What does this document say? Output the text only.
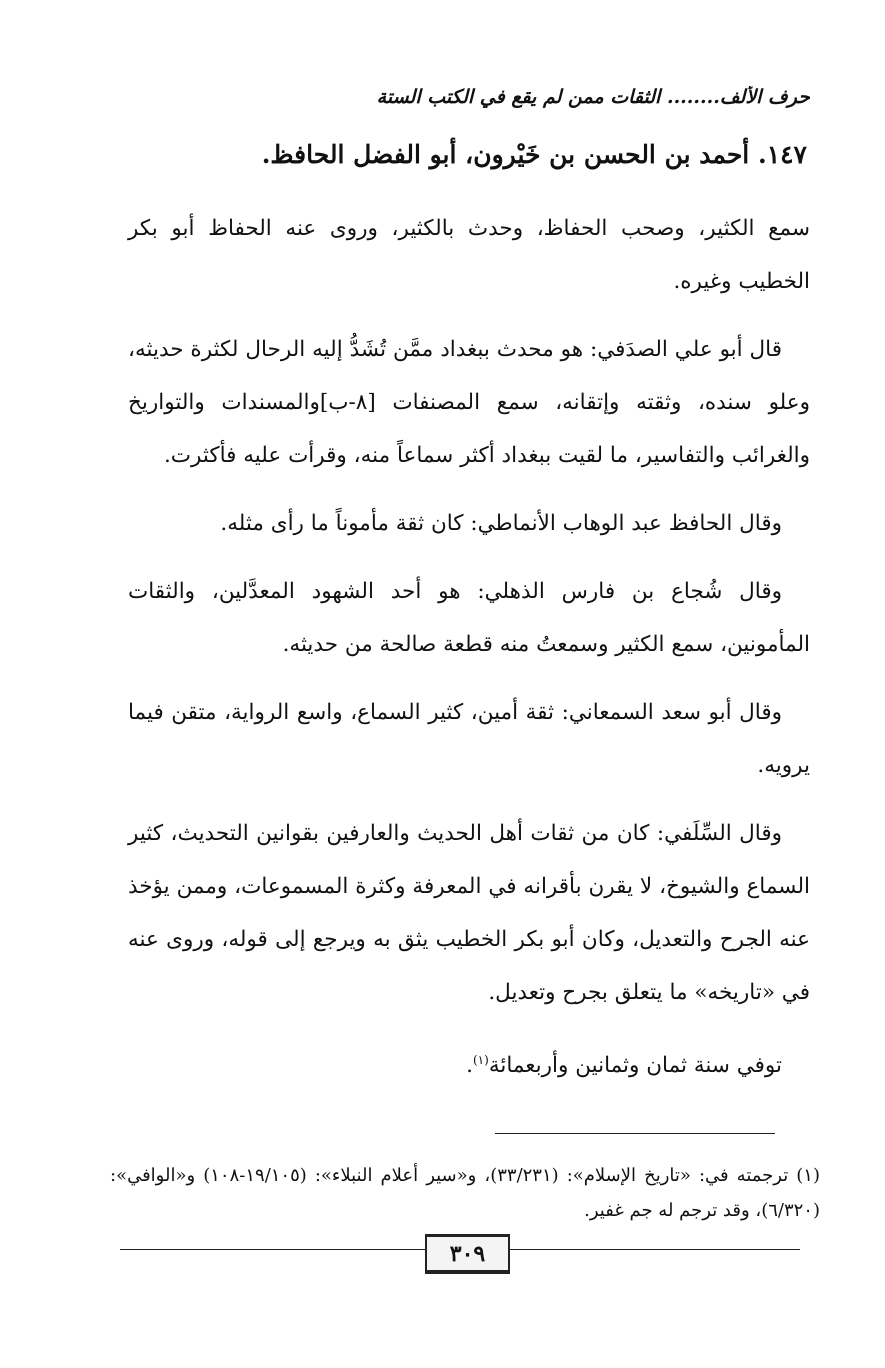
حرف الألف........ الثقات ممن لم يقع في الكتب الستة
١٤٧. أحمد بن الحسن بن خَيْرون، أبو الفضل الحافظ.

سمع الكثير، وصحب الحفاظ، وحدث بالكثير، وروى عنه الحفاظ أبو بكر الخطيب وغيره.

قال أبو علي الصدَفي: هو محدث ببغداد ممَّن تُشَدُّ إليه الرحال لكثرة حديثه، وعلو سنده، وثقته وإتقانه، سمع المصنفات [٨-ب]والمسندات والتواريخ والغرائب والتفاسير، ما لقيت ببغداد أكثر سماعاً منه، وقرأت عليه فأكثرت.

وقال الحافظ عبد الوهاب الأنماطي: كان ثقة مأموناً ما رأى مثله.

وقال شُجاع بن فارس الذهلي: هو أحد الشهود المعدَّلين، والثقات المأمونين، سمع الكثير وسمعتُ منه قطعة صالحة من حديثه.

وقال أبو سعد السمعاني: ثقة أمين، كثير السماع، واسع الرواية، متقن فيما يرويه.

وقال السِّلَفي: كان من ثقات أهل الحديث والعارفين بقوانين التحديث، كثير السماع والشيوخ، لا يقرن بأقرانه في المعرفة وكثرة المسموعات، وممن يؤخذ عنه الجرح والتعديل، وكان أبو بكر الخطيب يثق به ويرجع إلى قوله، وروى عنه في «تاريخه» ما يتعلق بجرح وتعديل.

توفي سنة ثمان وثمانين وأربعمائة$^{(١)}$.

(١) ترجمته في: «تاريخ الإسلام»: (٣٣/٢٣١)، و«سير أعلام النبلاء»: (١٩/١٠٥-١٠٨) و«الوافي»: (٦/٣٢٠)، وقد ترجم له جم غفير.
٣٠٩
